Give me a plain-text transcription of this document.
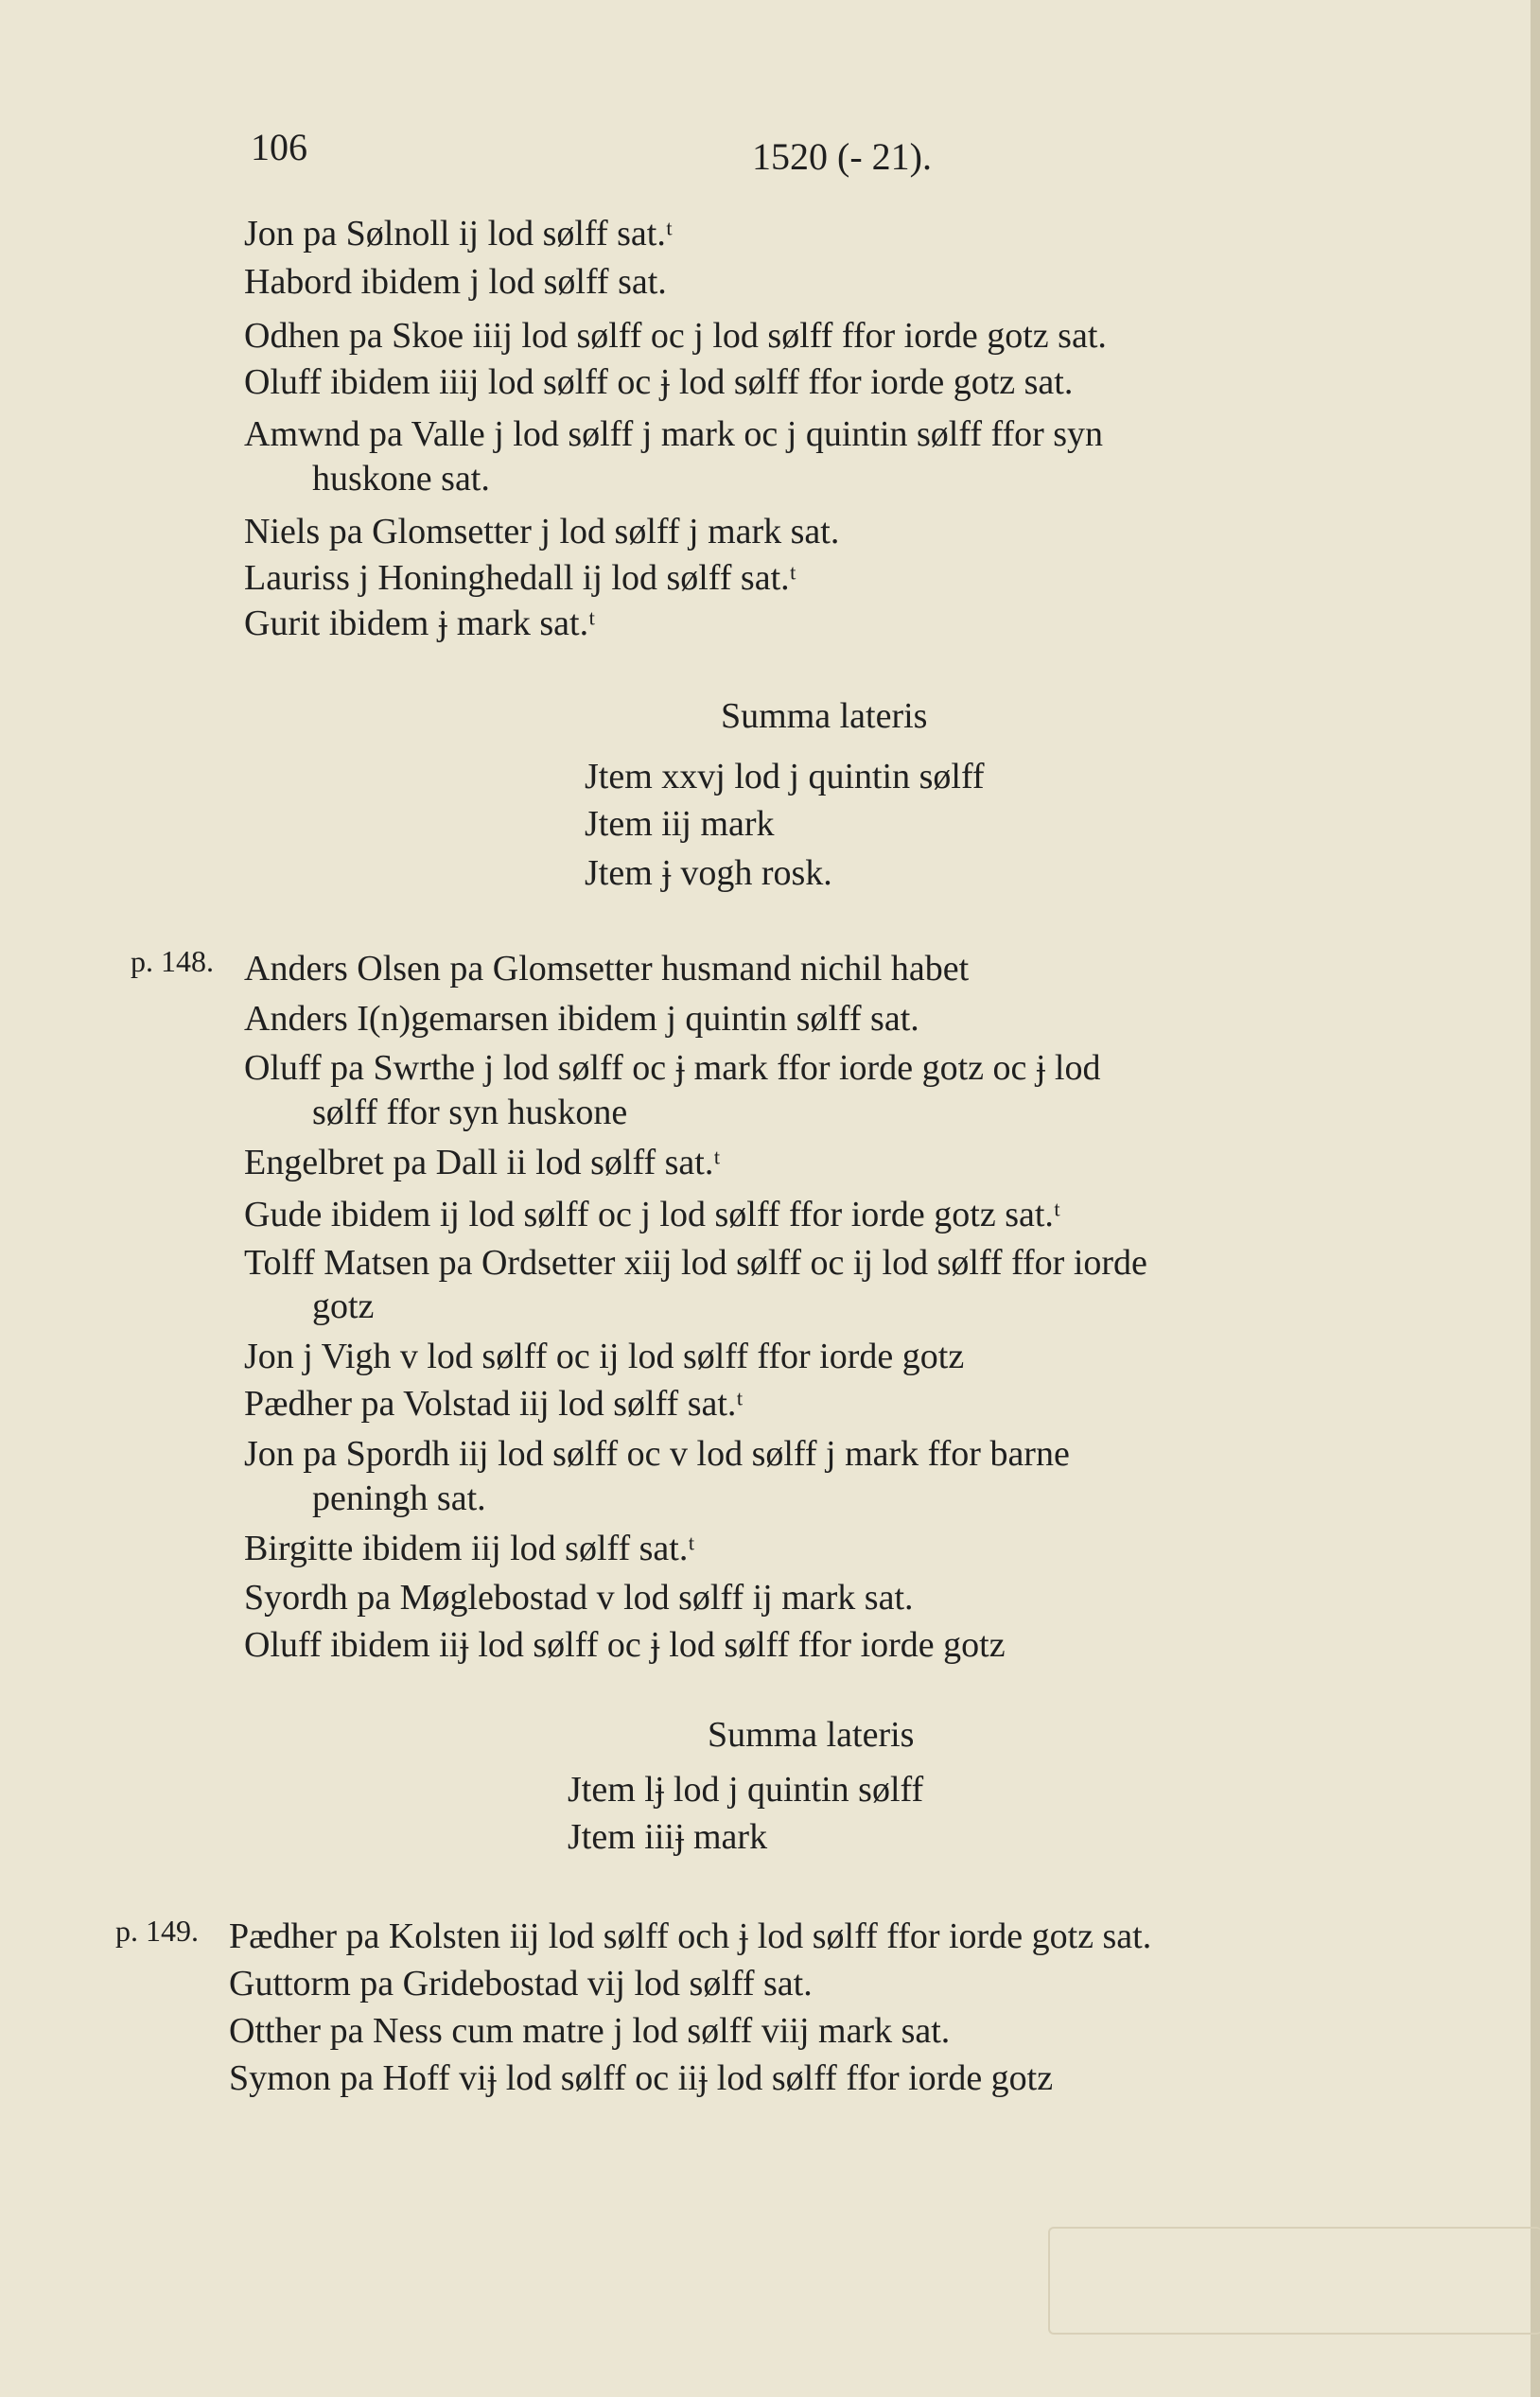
106	1520 (- 21).
Jon pa Sølnoll ij lod sølff sat.ᵗ
Habord ibidem j lod sølff sat.
Odhen pa Skoe iiij lod sølff oc j lod sølff ffor iorde gotz sat.
Oluff ibidem iiij lod sølff oc ɉ lod sølff ffor iorde gotz sat.
Amwnd pa Valle j lod sølff j mark oc j quintin sølff ffor syn
huskone sat.
Niels pa Glomsetter j lod sølff j mark sat.
Lauriss j Honinghedall ij lod sølff sat.ᵗ
Gurit ibidem ɉ mark sat.ᵗ
Summa lateris
Jtem xxvj lod j quintin sølff
Jtem iij mark
Jtem ɉ vogh rosk.
p. 148. Anders Olsen pa Glomsetter husmand nichil habet
Anders I(n)gemarsen ibidem j quintin sølff sat.
Oluff pa Swrthe j lod sølff oc ɉ mark ffor iorde gotz oc ɉ lod
sølff ffor syn huskone
Engelbret pa Dall ii lod sølff sat.ᵗ
Gude ibidem ij lod sølff oc j lod sølff ffor iorde gotz sat.ᵗ
Tolff Matsen pa Ordsetter xiij lod sølff oc ij lod sølff ffor iorde
gotz
Jon j Vigh v lod sølff oc ij lod sølff ffor iorde gotz
Pædher pa Volstad iij lod sølff sat.ᵗ
Jon pa Spordh iij lod sølff oc v lod sølff j mark ffor barne
peningh sat.
Birgitte ibidem iij lod sølff sat.ᵗ
Syordh pa Møglebostad v lod sølff ij mark sat.
Oluff ibidem iiɉ lod sølff oc ɉ lod sølff ffor iorde gotz
Summa lateris
Jtem lɉ lod j quintin sølff
Jtem iiiɉ mark
p. 149. Pædher pa Kolsten iij lod sølff och ɉ lod sølff ffor iorde gotz sat.
Guttorm pa Gridebostad vij lod sølff sat.
Otther pa Ness cum matre j lod sølff viij mark sat.
Symon pa Hoff viɉ lod sølff oc iiɉ lod sølff ffor iorde gotz
